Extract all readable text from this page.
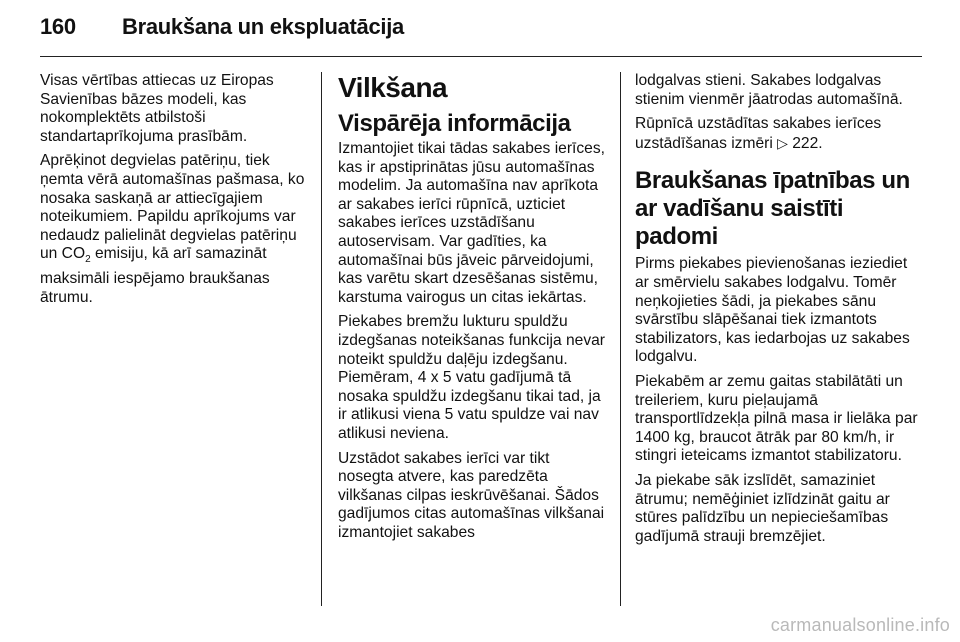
160 Braukšana un ekspluatācija

Visas vērtības attiecas uz Eiropas Savienības bāzes modeli, kas nokomplektēts atbilstoši standartaprīkojuma prasībām.

Aprēķinot degvielas patēriņu, tiek ņemta vērā automašīnas pašmasa, ko nosaka saskaņā ar attiecīgajiem noteikumiem. Papildu aprīkojums var nedaudz palielināt degvielas patēriņu un $CO_2$ emisiju, kā arī samazināt maksimāli iespējamo braukšanas ātrumu.

Vilkšana
Vispārēja informācija

Izmantojiet tikai tādas sakabes ierīces, kas ir apstiprinātas jūsu automašīnas modelim. Ja automašīna nav aprīkota ar sakabes ierīci rūpnīcā, uzticiet sakabes ierīces uzstādīšanu autoservisam. Var gadīties, ka automašīnai būs jāveic pārveidojumi, kas varētu skart dzesēšanas sistēmu, karstuma vairogus un citas iekārtas.

Piekabes bremžu lukturu spuldžu izdegšanas noteikšanas funkcija nevar noteikt spuldžu daļēju izdegšanu. Piemēram, 4 x 5 vatu gadījumā tā nosaka spuldžu izdegšanu tikai tad, ja ir atlikusi viena 5 vatu spuldze vai nav atlikusi neviena.

Uzstādot sakabes ierīci var tikt nosegta atvere, kas paredzēta vilkšanas cilpas ieskrūvēšanai. Šādos gadījumos citas automašīnas vilkšanai izmantojiet sakabes

lodgalvas stieni. Sakabes lodgalvas stienim vienmēr jāatrodas automašīnā.

Rūpnīcā uzstādītas sakabes ierīces uzstādīšanas izmēri ▷ 222.

Braukšanas īpatnības un ar vadīšanu saistīti padomi

Pirms piekabes pievienošanas ieziediet ar smērvielu sakabes lodgalvu. Tomēr neņkojieties šādi, ja piekabes sānu svārstību slāpēšanai tiek izmantots stabilizators, kas iedarbojas uz sakabes lodgalvu.

Piekabēm ar zemu gaitas stabilātāti un treileriem, kuru pieļaujamā transportlīdzekļa pilnā masa ir lielāka par 1400 kg, braucot ātrāk par 80 km/h, ir stingri ieteicams izmantot stabilizatoru.

Ja piekabe sāk izslīdēt, samaziniet ātrumu; nemēģiniet izlīdzināt gaitu ar stūres palīdzību un nepieciešamības gadījumā strauji bremzējiet.

carmanualsonline.info
